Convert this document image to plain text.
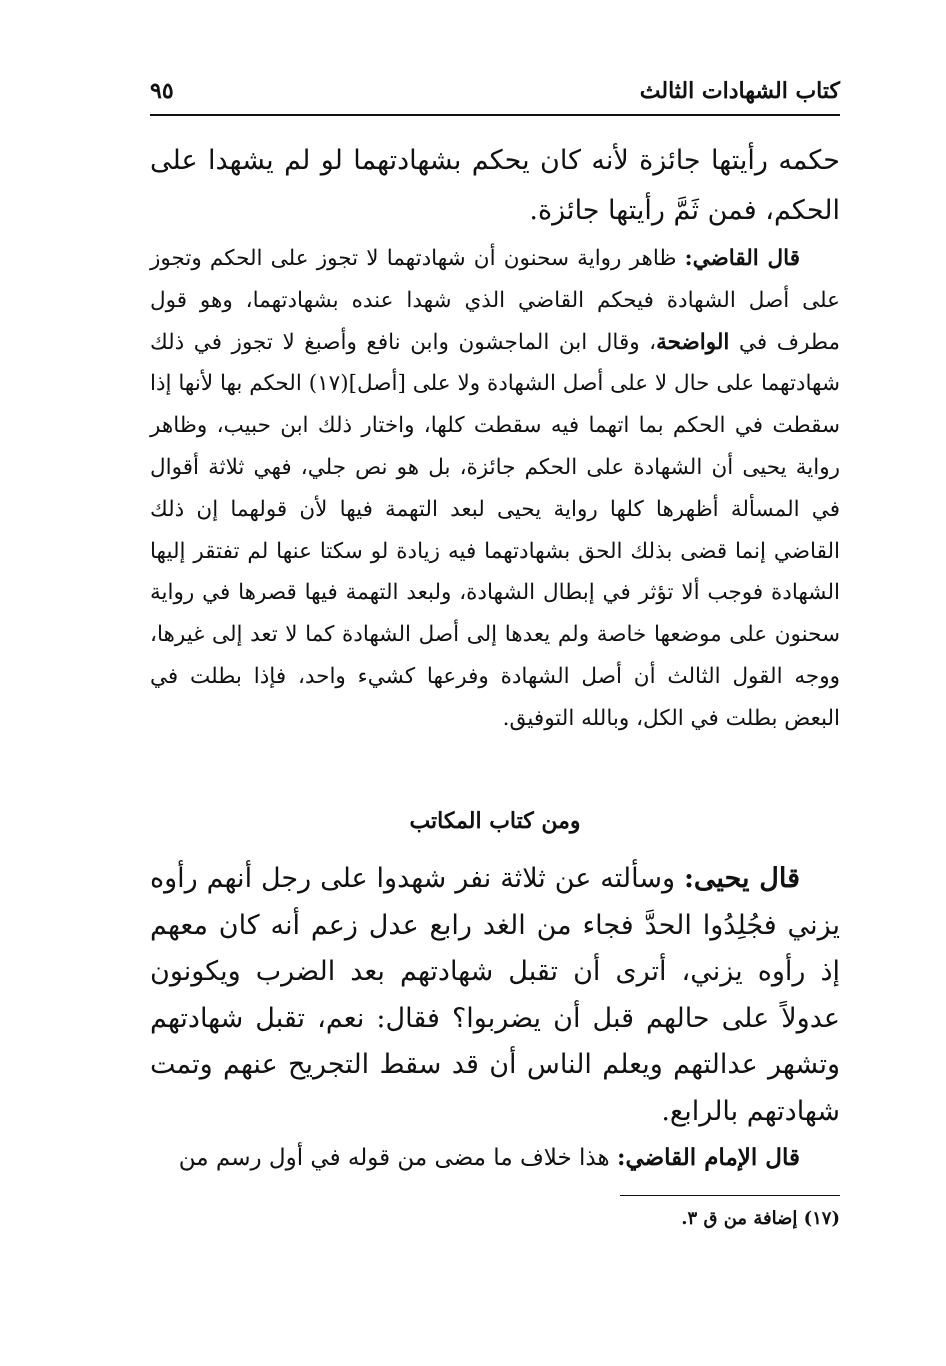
كتاب الشهادات الثالث
٩٥

حكمه رأيتها جائزة لأنه كان يحكم بشهادتهما لو لم يشهدا على الحكم، فمن ثَمَّ رأيتها جائزة.

قال القاضي: ظاهر رواية سحنون أن شهادتهما لا تجوز على الحكم وتجوز على أصل الشهادة فيحكم القاضي الذي شهدا عنده بشهادتهما، وهو قول مطرف في الواضحة، وقال ابن الماجشون وابن نافع وأصبغ لا تجوز في ذلك شهادتهما على حال لا على أصل الشهادة ولا على [أصل](١٧) الحكم بها لأنها إذا سقطت في الحكم بما اتهما فيه سقطت كلها، واختار ذلك ابن حبيب، وظاهر رواية يحيى أن الشهادة على الحكم جائزة، بل هو نص جلي، فهي ثلاثة أقوال في المسألة أظهرها كلها رواية يحيى لبعد التهمة فيها لأن قولهما إن ذلك القاضي إنما قضى بذلك الحق بشهادتهما فيه زيادة لو سكتا عنها لم تفتقر إليها الشهادة فوجب ألا تؤثر في إبطال الشهادة، ولبعد التهمة فيها قصرها في رواية سحنون على موضعها خاصة ولم يعدها إلى أصل الشهادة كما لا تعد إلى غيرها، ووجه القول الثالث أن أصل الشهادة وفرعها كشيء واحد، فإذا بطلت في البعض بطلت في الكل، وبالله التوفيق.

ومن كتاب المكاتب

قال يحيى: وسألته عن ثلاثة نفر شهدوا على رجل أنهم رأوه يزني فجُلِدُوا الحدَّ فجاء من الغد رابع عدل زعم أنه كان معهم إذ رأوه يزني، أترى أن تقبل شهادتهم بعد الضرب ويكونون عدولاً على حالهم قبل أن يضربوا؟ فقال: نعم، تقبل شهادتهم وتشهر عدالتهم ويعلم الناس أن قد سقط التجريح عنهم وتمت شهادتهم بالرابع.

قال الإمام القاضي: هذا خلاف ما مضى من قوله في أول رسم من

(١٧) إضافة من ق ٣.
